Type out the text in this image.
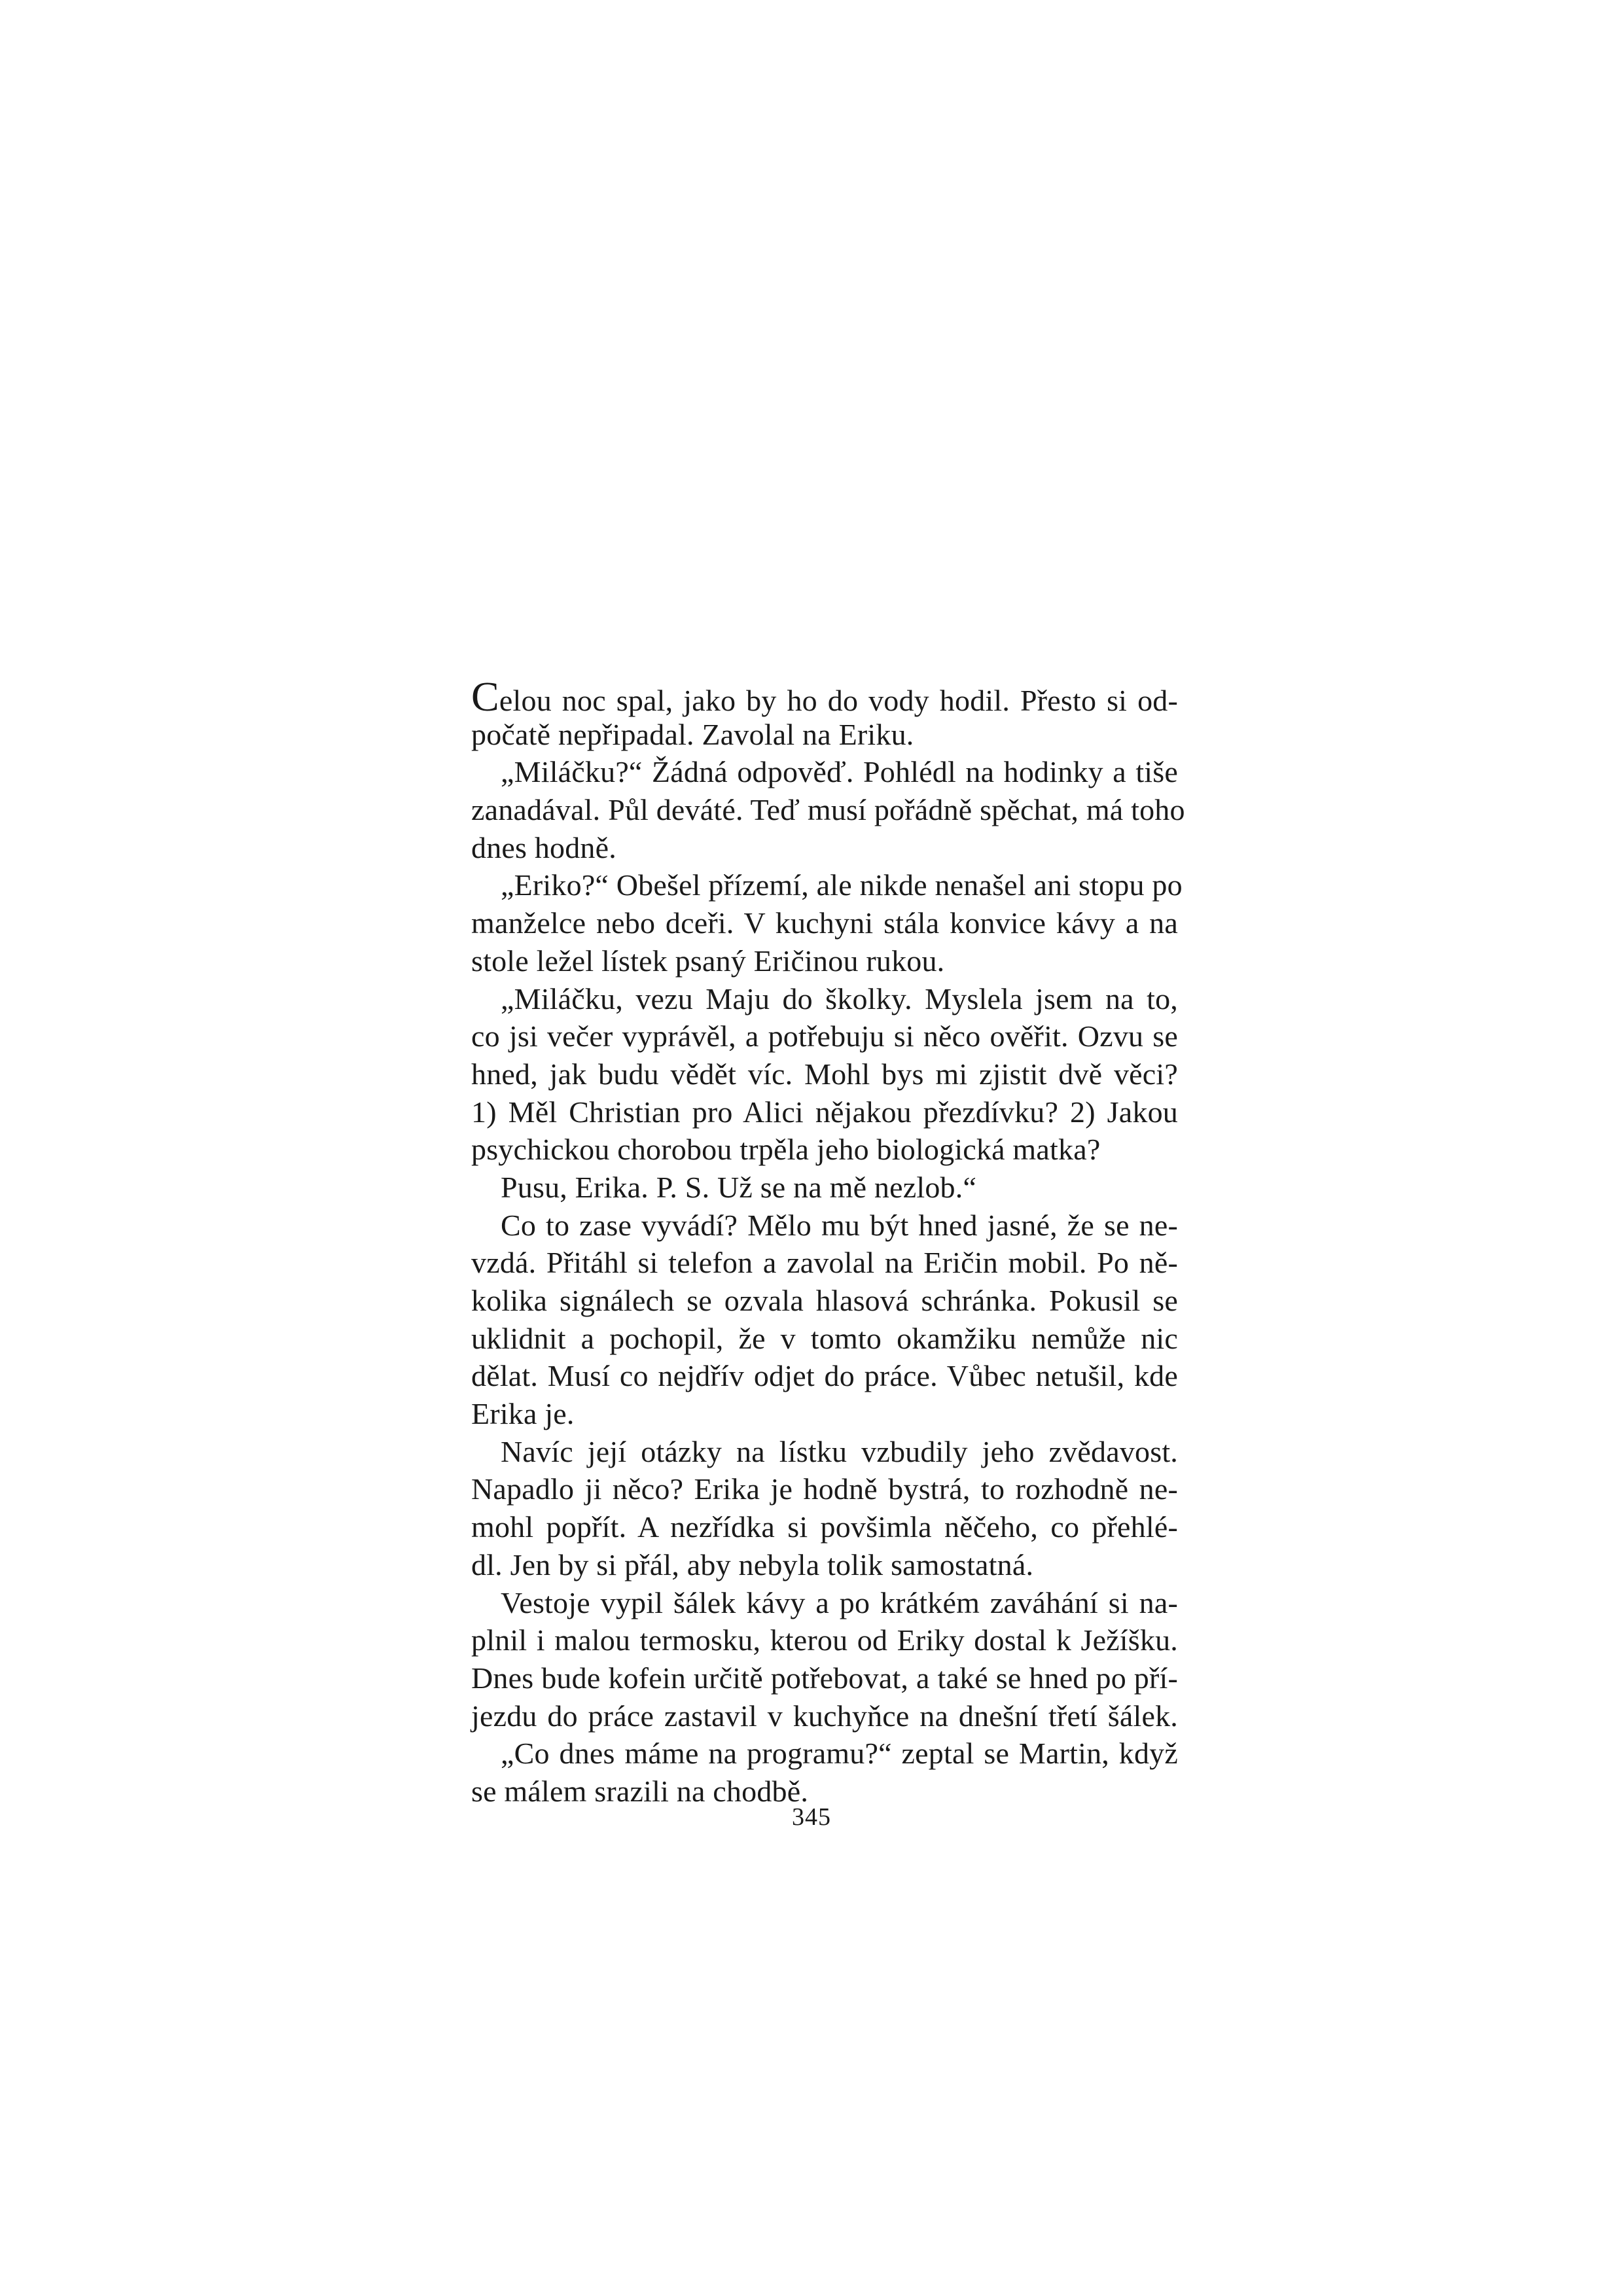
Celou noc spal, jako by ho do vody hodil. Přesto si od-
počatě nepřipadal. Zavolal na Eriku.
„Miláčku?“ Žádná odpověď. Pohlédl na hodinky a tiše
zanadával. Půl deváté. Teď musí pořádně spěchat, má toho
dnes hodně.
„Eriko?“ Obešel přízemí, ale nikde nenašel ani stopu po
manželce nebo dceři. V kuchyni stála konvice kávy a na
stole ležel lístek psaný Eričinou rukou.
„Miláčku, vezu Maju do školky. Myslela jsem na to,
co jsi večer vyprávěl, a potřebuju si něco ověřit. Ozvu se
hned, jak budu vědět víc. Mohl bys mi zjistit dvě věci?
1) Měl Christian pro Alici nějakou přezdívku? 2) Jakou
psychickou chorobou trpěla jeho biologická matka?
Pusu, Erika. P. S. Už se na mě nezlob.“
Co to zase vyvádí? Mělo mu být hned jasné, že se ne-
vzdá. Přitáhl si telefon a zavolal na Eričin mobil. Po ně-
kolika signálech se ozvala hlasová schránka. Pokusil se
uklidnit a pochopil, že v tomto okamžiku nemůže nic
dělat. Musí co nejdřív odjet do práce. Vůbec netušil, kde
Erika je.
Navíc její otázky na lístku vzbudily jeho zvědavost.
Napadlo ji něco? Erika je hodně bystrá, to rozhodně ne-
mohl popřít. A nezřídka si povšimla něčeho, co přehlé-
dl. Jen by si přál, aby nebyla tolik samostatná.
Vestoje vypil šálek kávy a po krátkém zaváhání si na-
plnil i malou termosku, kterou od Eriky dostal k Ježíšku.
Dnes bude kofein určitě potřebovat, a také se hned po pří-
jezdu do práce zastavil v kuchyňce na dnešní třetí šálek.
„Co dnes máme na programu?“ zeptal se Martin, když
se málem srazili na chodbě.
345
